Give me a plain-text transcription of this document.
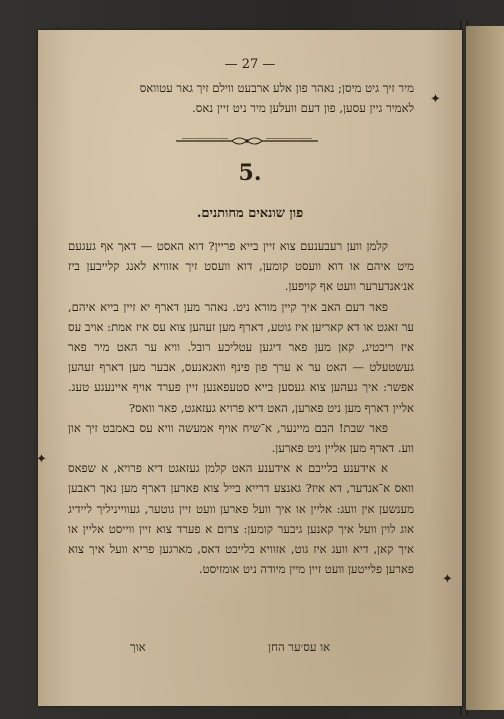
— 27 —

מיר זיך גיט מיסן; נאהר פון אלע ארבעט ווילם זיך גאר עטוואס

לאמיר גיין עסען, פון דעם וועלען מיר ניט זיין נאס.

5.
פון שונאים מחותנים.

קלמן ווען רעבענעם צוא זיין בייא פריין? דוא האסט — דאך אף געגעם מיט איהם או דוא וועסט קומען, דוא וועסט זיך אזוויא לאנג קלייבען ביז אנ׳אנדערער וועט אף קויפען.

פאר דעם האב איך קיין מורא ניט. נאהר מען דארף יא זיין בייא איהם, ער זאגט או דא קאריען איז גוטע, דארף מען זעהען צוא עס איז אמת: אויב עס איז ריכטיג, קאן מען פאר דיגען עטליכע רובל. וויא ער האט מיר פאר געשטעלט — האט ער א ערך פון פינף וואגאנעס, אבער מען דארף זעהען אפשר: איך געהען צוא געסען בייא סטעפאנען זיין פערד אויף איינעגע טעג. אליין דארף מען ניט פארען, האט דיא פרויא געזאגט, פאר וואס?

פאר שבת! הבם מיינער, א־שיח אויף אמעשה וויא עס באמבט זיך און ווע. דארף מען אליין ניט פארען.

א אידענע בלייבם א אידענע האט קלמן געזאגט דיא פרויא, א שפאס וואס א־אנדער, דא איז? גאנצע דרייא בייל צוא פארען דארף מען נאך ראבען מענשען אין וועג: אליין או איך וועל פארען וועט זיין גוטער, געווייניליך ליידיג אוג לוין וועל איך קאנען גיבער קומען: צרום א פערד צוא זיין ווייסט אליין או איך קאן, דיא וועג איז גוט, אזוויא בלייבט דאס, מארגען פריא וועל איך צוא פארען פלייטען וועט זיין מיין מיודה ניט אומזיסט.

או עס׳ער החן
אוך
✦
✦
✦
